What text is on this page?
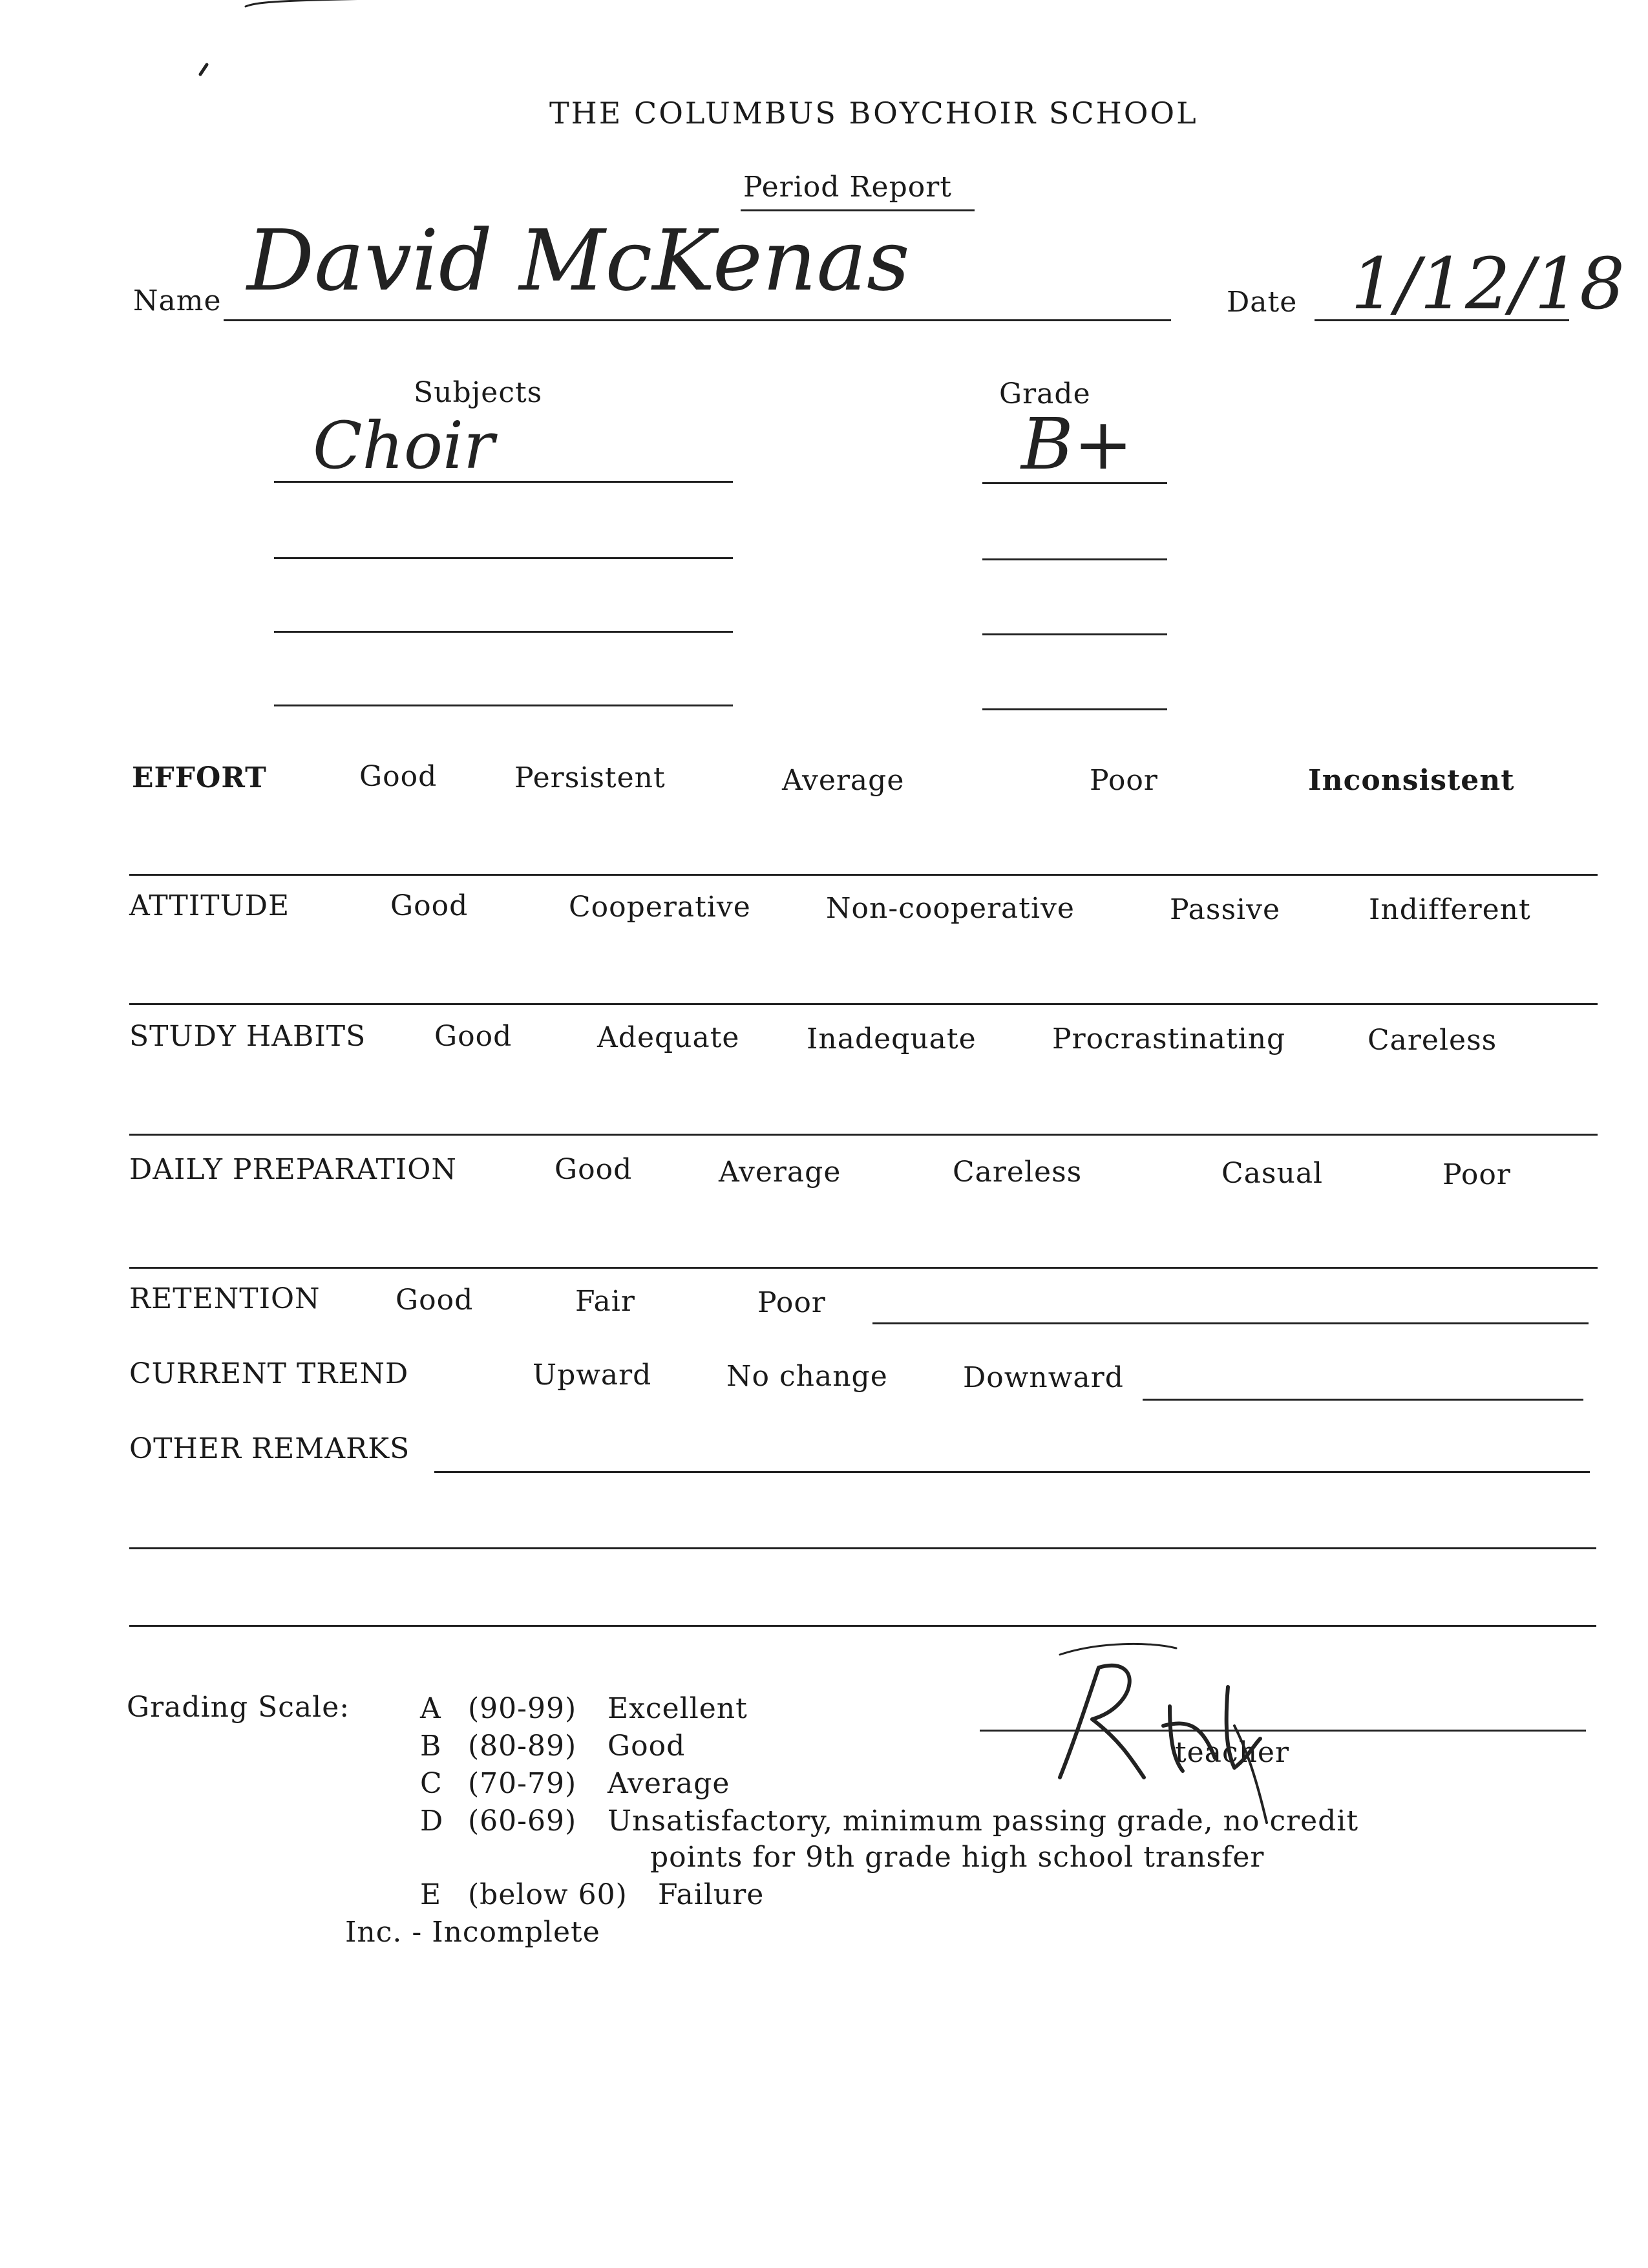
THE COLUMBUS BOYCHOIR SCHOOL
Period Report
Name David McKenas	Date 1/12/18
Subjects	Grade
Choir	B+
EFFORT	Good	Persistent	Average	Poor	Inconsistent
ATTITUDE	Good	Cooperative	Non-cooperative	Passive	Indifferent
STUDY HABITS Good	Adequate Inadequate	Procrastinating	Careless
DAILY PREPARATION	Good	Average	Careless	Casual	Poor
RETENTION	Good	Fair	Poor
CURRENT TREND	Upward	No change	Downward
OTHER REMARKS
Grading Scale: A (90-99) Excellent
B (80-89) Good
C (70-79) Average
D (60-69) Unsatisfactory, minimum passing grade, no credit
points for 9th grade high school transfer
E (below 60) Failure
Inc. - Incomplete
teacher
